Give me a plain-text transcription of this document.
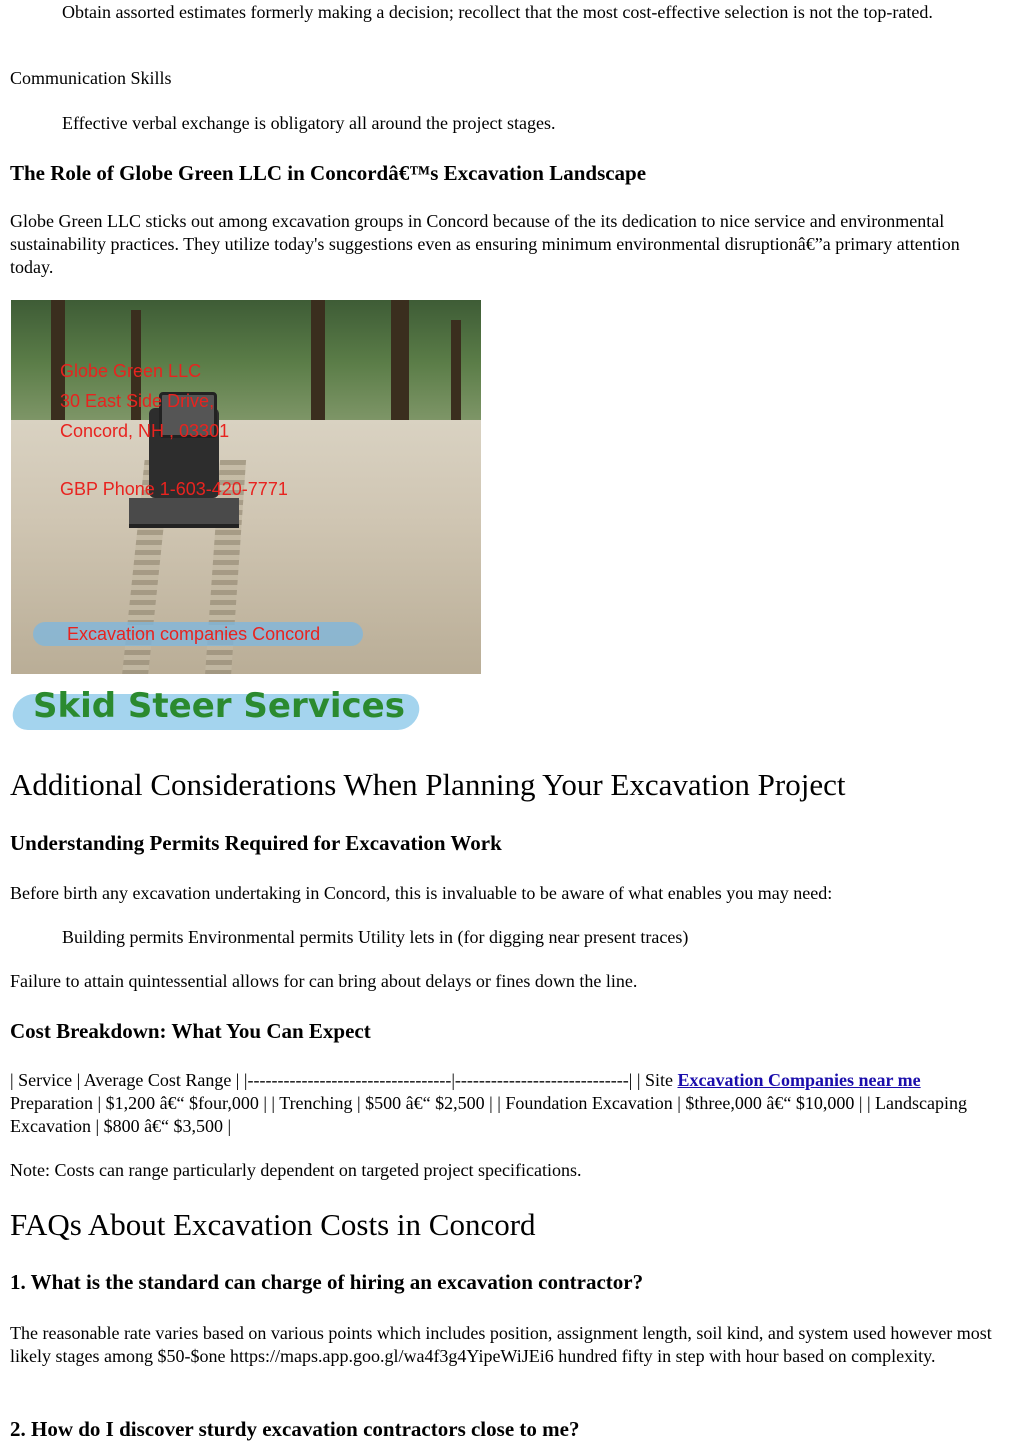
Obtain assorted estimates formerly making a decision; recollect that the most cost-effective selection is not the top-rated.

Communication Skills

Effective verbal exchange is obligatory all around the project stages.

The Role of Globe Green LLC in Concordâ€™s Excavation Landscape

Globe Green LLC sticks out among excavation groups in Concord because of the its dedication to nice service and environmental sustainability practices. They utilize today's suggestions even as ensuring minimum environmental disruptionâ€”a primary attention today.

Globe Green LLC
30 East Side Drive,
Concord, NH , 03301
GBP Phone 1-603-420-7771
Excavation companies Concord
Skid Steer Services
Additional Considerations When Planning Your Excavation Project
Understanding Permits Required for Excavation Work

Before birth any excavation undertaking in Concord, this is invaluable to be aware of what enables you may need:

Building permits Environmental permits Utility lets in (for digging near present traces)

Failure to attain quintessential allows for can bring about delays or fines down the line.

Cost Breakdown: What You Can Expect

| Service | Average Cost Range | |----------------------------------|-----------------------------| | Site Excavation Companies near me Preparation | $1,200 â€“ $four,000 | | Trenching | $500 â€“ $2,500 | | Foundation Excavation | $three,000 â€“ $10,000 | | Landscaping Excavation | $800 â€“ $3,500 |

Note: Costs can range particularly dependent on targeted project specifications.

FAQs About Excavation Costs in Concord
1. What is the standard can charge of hiring an excavation contractor?

The reasonable rate varies based on various points which includes position, assignment length, soil kind, and system used however most likely stages among $50-$one https://maps.app.goo.gl/wa4f3g4YipeWiJEi6 hundred fifty in step with hour based on complexity.

2. How do I discover sturdy excavation contractors close to me?
